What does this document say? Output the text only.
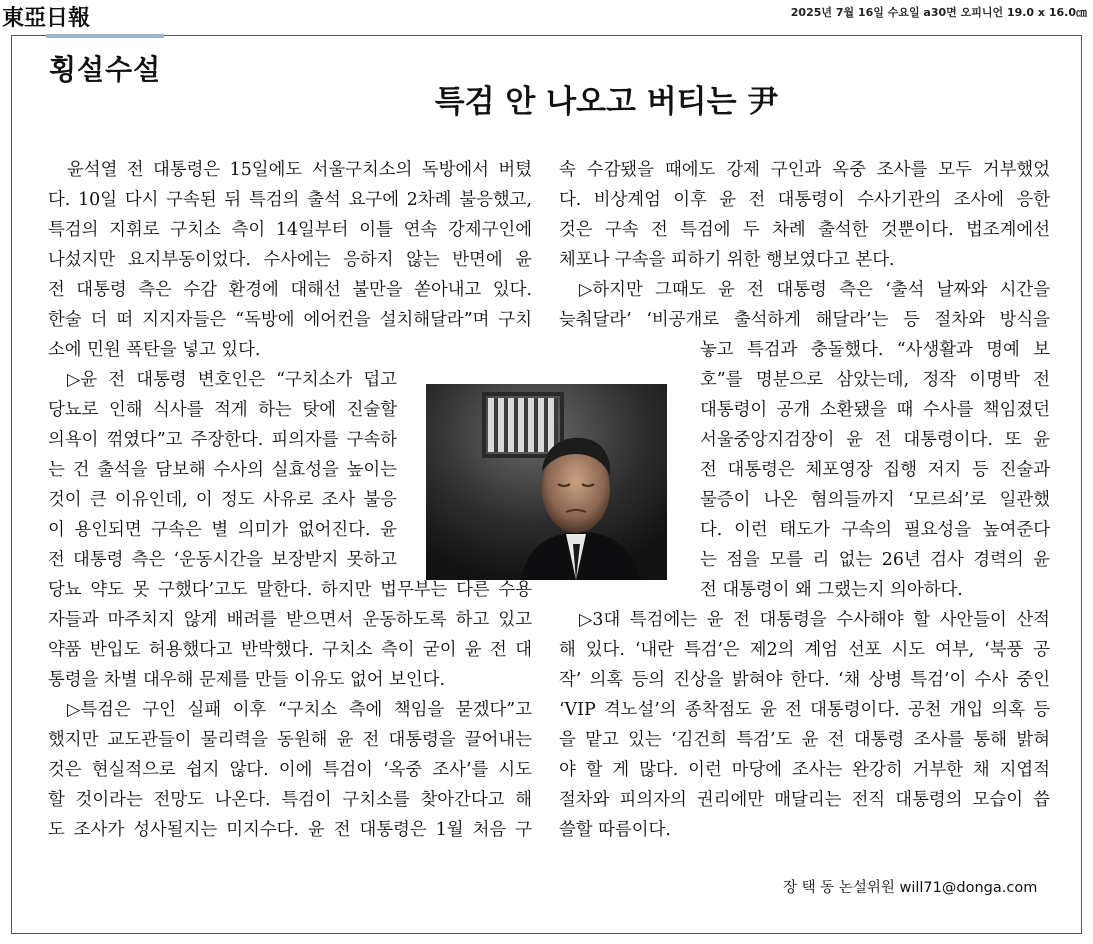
東亞日報	2025년 7월 16일 수요일 a30면 오피니언 19.0 x 16.0㎝
횡설수설
특검 안 나오고 버티는 尹
윤석열 전 대통령은 15일에도 서울구치소의 독방에서 버텼
다. 10일 다시 구속된 뒤 특검의 출석 요구에 2차례 불응했고,
특검의 지휘로 구치소 측이 14일부터 이틀 연속 강제구인에
나섰지만 요지부동이었다. 수사에는 응하지 않는 반면에 윤
전 대통령 측은 수감 환경에 대해선 불만을 쏟아내고 있다.
한술 더 떠 지지자들은 “독방에 에어컨을 설치해달라”며 구치
소에 민원 폭탄을 넣고 있다.
▷윤 전 대통령 변호인은 “구치소가 덥고
당뇨로 인해 식사를 적게 하는 탓에 진술할
의욕이 꺾였다”고 주장한다. 피의자를 구속하
는 건 출석을 담보해 수사의 실효성을 높이는
것이 큰 이유인데, 이 정도 사유로 조사 불응
이 용인되면 구속은 별 의미가 없어진다. 윤
전 대통령 측은 ‘운동시간을 보장받지 못하고
당뇨 약도 못 구했다’고도 말한다. 하지만 법무부는 다른 수용
자들과 마주치지 않게 배려를 받으면서 운동하도록 하고 있고
약품 반입도 허용했다고 반박했다. 구치소 측이 굳이 윤 전 대
통령을 차별 대우해 문제를 만들 이유도 없어 보인다.
▷특검은 구인 실패 이후 “구치소 측에 책임을 묻겠다”고
했지만 교도관들이 물리력을 동원해 윤 전 대통령을 끌어내는
것은 현실적으로 쉽지 않다. 이에 특검이 ‘옥중 조사’를 시도
할 것이라는 전망도 나온다. 특검이 구치소를 찾아간다고 해
도 조사가 성사될지는 미지수다. 윤 전 대통령은 1월 처음 구
속 수감됐을 때에도 강제 구인과 옥중 조사를 모두 거부했었
다. 비상계엄 이후 윤 전 대통령이 수사기관의 조사에 응한
것은 구속 전 특검에 두 차례 출석한 것뿐이다. 법조계에선
체포나 구속을 피하기 위한 행보였다고 본다.
▷하지만 그때도 윤 전 대통령 측은 ‘출석 날짜와 시간을
늦춰달라’ ‘비공개로 출석하게 해달라’는 등 절차와 방식을
놓고 특검과 충돌했다. “사생활과 명예 보
호”를 명분으로 삼았는데, 정작 이명박 전
대통령이 공개 소환됐을 때 수사를 책임졌던
서울중앙지검장이 윤 전 대통령이다. 또 윤
전 대통령은 체포영장 집행 저지 등 진술과
물증이 나온 혐의들까지 ‘모르쇠’로 일관했
다. 이런 태도가 구속의 필요성을 높여준다
는 점을 모를 리 없는 26년 검사 경력의 윤
전 대통령이 왜 그랬는지 의아하다.
▷3대 특검에는 윤 전 대통령을 수사해야 할 사안들이 산적
해 있다. ‘내란 특검’은 제2의 계엄 선포 시도 여부, ‘북풍 공
작’ 의혹 등의 진상을 밝혀야 한다. ‘채 상병 특검’이 수사 중인
‘VIP 격노설’의 종착점도 윤 전 대통령이다. 공천 개입 의혹 등
을 맡고 있는 ‘김건희 특검’도 윤 전 대통령 조사를 통해 밝혀
야 할 게 많다. 이런 마당에 조사는 완강히 거부한 채 지엽적
절차와 피의자의 권리에만 매달리는 전직 대통령의 모습이 씁
쓸할 따름이다.
장 택 동 논설위원 will71@donga.com
